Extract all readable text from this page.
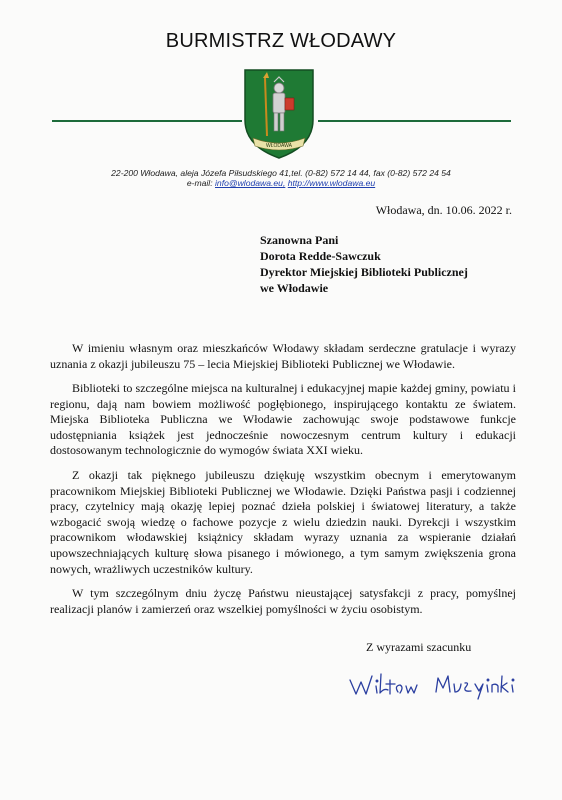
BURMISTRZ WŁODAWY
WŁODAWA
22-200 Włodawa, aleja Józefa Piłsudskiego 41,tel. (0-82) 572 14 44, fax (0-82) 572 24 54
e-mail: info@wlodawa.eu, http://www.wlodawa.eu
Włodawa, dn. 10.06. 2022 r.
Szanowna Pani
Dorota Redde-Sawczuk
Dyrektor Miejskiej Biblioteki Publicznej
we Włodawie
W imieniu własnym oraz mieszkańców Włodawy składam serdeczne gratulacje i wyrazy uznania z okazji jubileuszu 75 – lecia Miejskiej Biblioteki Publicznej we Włodawie.
Biblioteki to szczególne miejsca na kulturalnej i edukacyjnej mapie każdej gminy, powiatu i regionu, dają nam bowiem możliwość pogłębionego, inspirującego kontaktu ze światem. Miejska Biblioteka Publiczna we Włodawie zachowując swoje podstawowe funkcje udostępniania książek jest jednocześnie nowoczesnym centrum kultury i edukacji dostosowanym technologicznie do wymogów świata XXI wieku.
Z okazji tak pięknego jubileuszu dziękuję wszystkim obecnym i emerytowanym pracownikom Miejskiej Biblioteki Publicznej we Włodawie. Dzięki Państwa pasji i codziennej pracy, czytelnicy mają okazję lepiej poznać dzieła polskiej i światowej literatury, a także wzbogacić swoją wiedzę o fachowe pozycje z wielu dziedzin nauki. Dyrekcji i wszystkim pracownikom włodawskiej książnicy składam wyrazy uznania za wspieranie działań upowszechniających kulturę słowa pisanego i mówionego, a tym samym zwiększenia grona nowych, wrażliwych uczestników kultury.
W tym szczególnym dniu życzę Państwu nieustającej satysfakcji z pracy, pomyślnej realizacji planów i zamierzeń oraz wszelkiej pomyślności w życiu osobistym.
Z wyrazami szacunku
